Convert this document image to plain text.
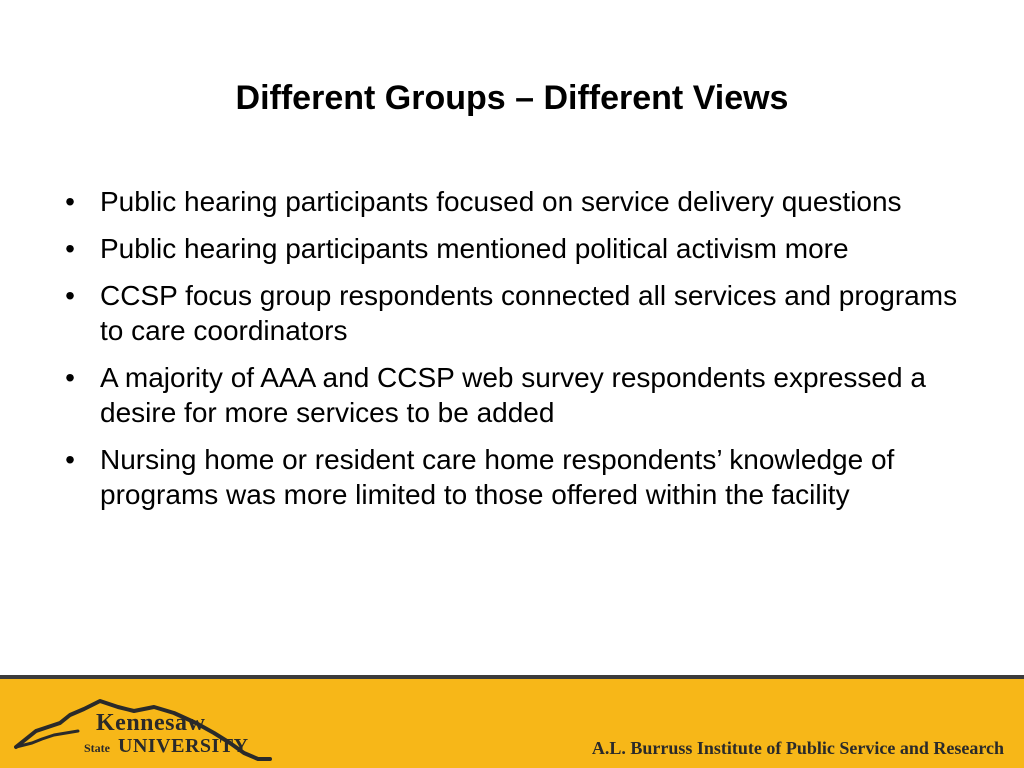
Different Groups – Different Views
• Public hearing participants focused on service delivery questions
• Public hearing participants mentioned political activism more
• CCSP focus group respondents connected all services and programs to care coordinators
• A majority of AAA and CCSP web survey respondents expressed a desire for more services to be added
• Nursing home or resident care home respondents’ knowledge of programs was more limited to those offered within the facility
Kennesaw
State UNIVERSITY	A.L. Burruss Institute of Public Service and Research
